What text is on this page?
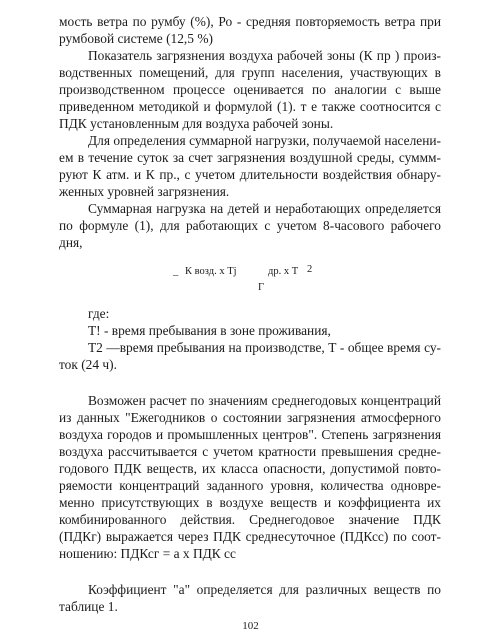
мость ветра по румбу (%), Ро - средняя повторяемость ветра при
румбовой системе (12,5 %)
Показатель загрязнения воздуха рабочей зоны (К пр ) произ-
водственных помещений, для групп населения, участвующих в
производственном процессе оценивается по аналогии с выше
приведенном методикой и формулой (1). т е также соотносится с
ПДК установленным для воздуха рабочей зоны.
Для определения суммарной нагрузки, получаемой населени-
ем в течение суток за счет загрязнения воздушной среды, суммм-
руют К атм. и К пр., с учетом длительности воздействия обнару-
женных уровней загрязнения.
Суммарная нагрузка на детей и неработающих определяется
по формуле (1), для работающих с учетом 8-часового рабочего
дня,
_ К возд. х Тj	др. х Т 2
Г
где:
Т! - время пребывания в зоне проживания,
Т2 —время пребывания на производстве, Т - общее время су-
ток (24 ч).
Возможен расчет по значениям среднегодовых концентраций
из данных "Ежегодников о состоянии загрязнения атмосферного
воздуха городов и промышленных центров". Степень загрязнения
воздуха рассчитывается с учетом кратности превышения средне-
годового ПДК веществ, их класса опасности, допустимой повто-
ряемости концентраций заданного уровня, количества одновре-
менно присутствующих в воздухе веществ и коэффициента их
комбинированного действия. Среднегодовое значение ПДК
(ПДКг) выражается через ПДК среднесуточное (ПДКсс) по соот-
ношению: ПДКсг = а х ПДК сс
Коэффициент "а" определяется для различных веществ по
таблице 1.
102
